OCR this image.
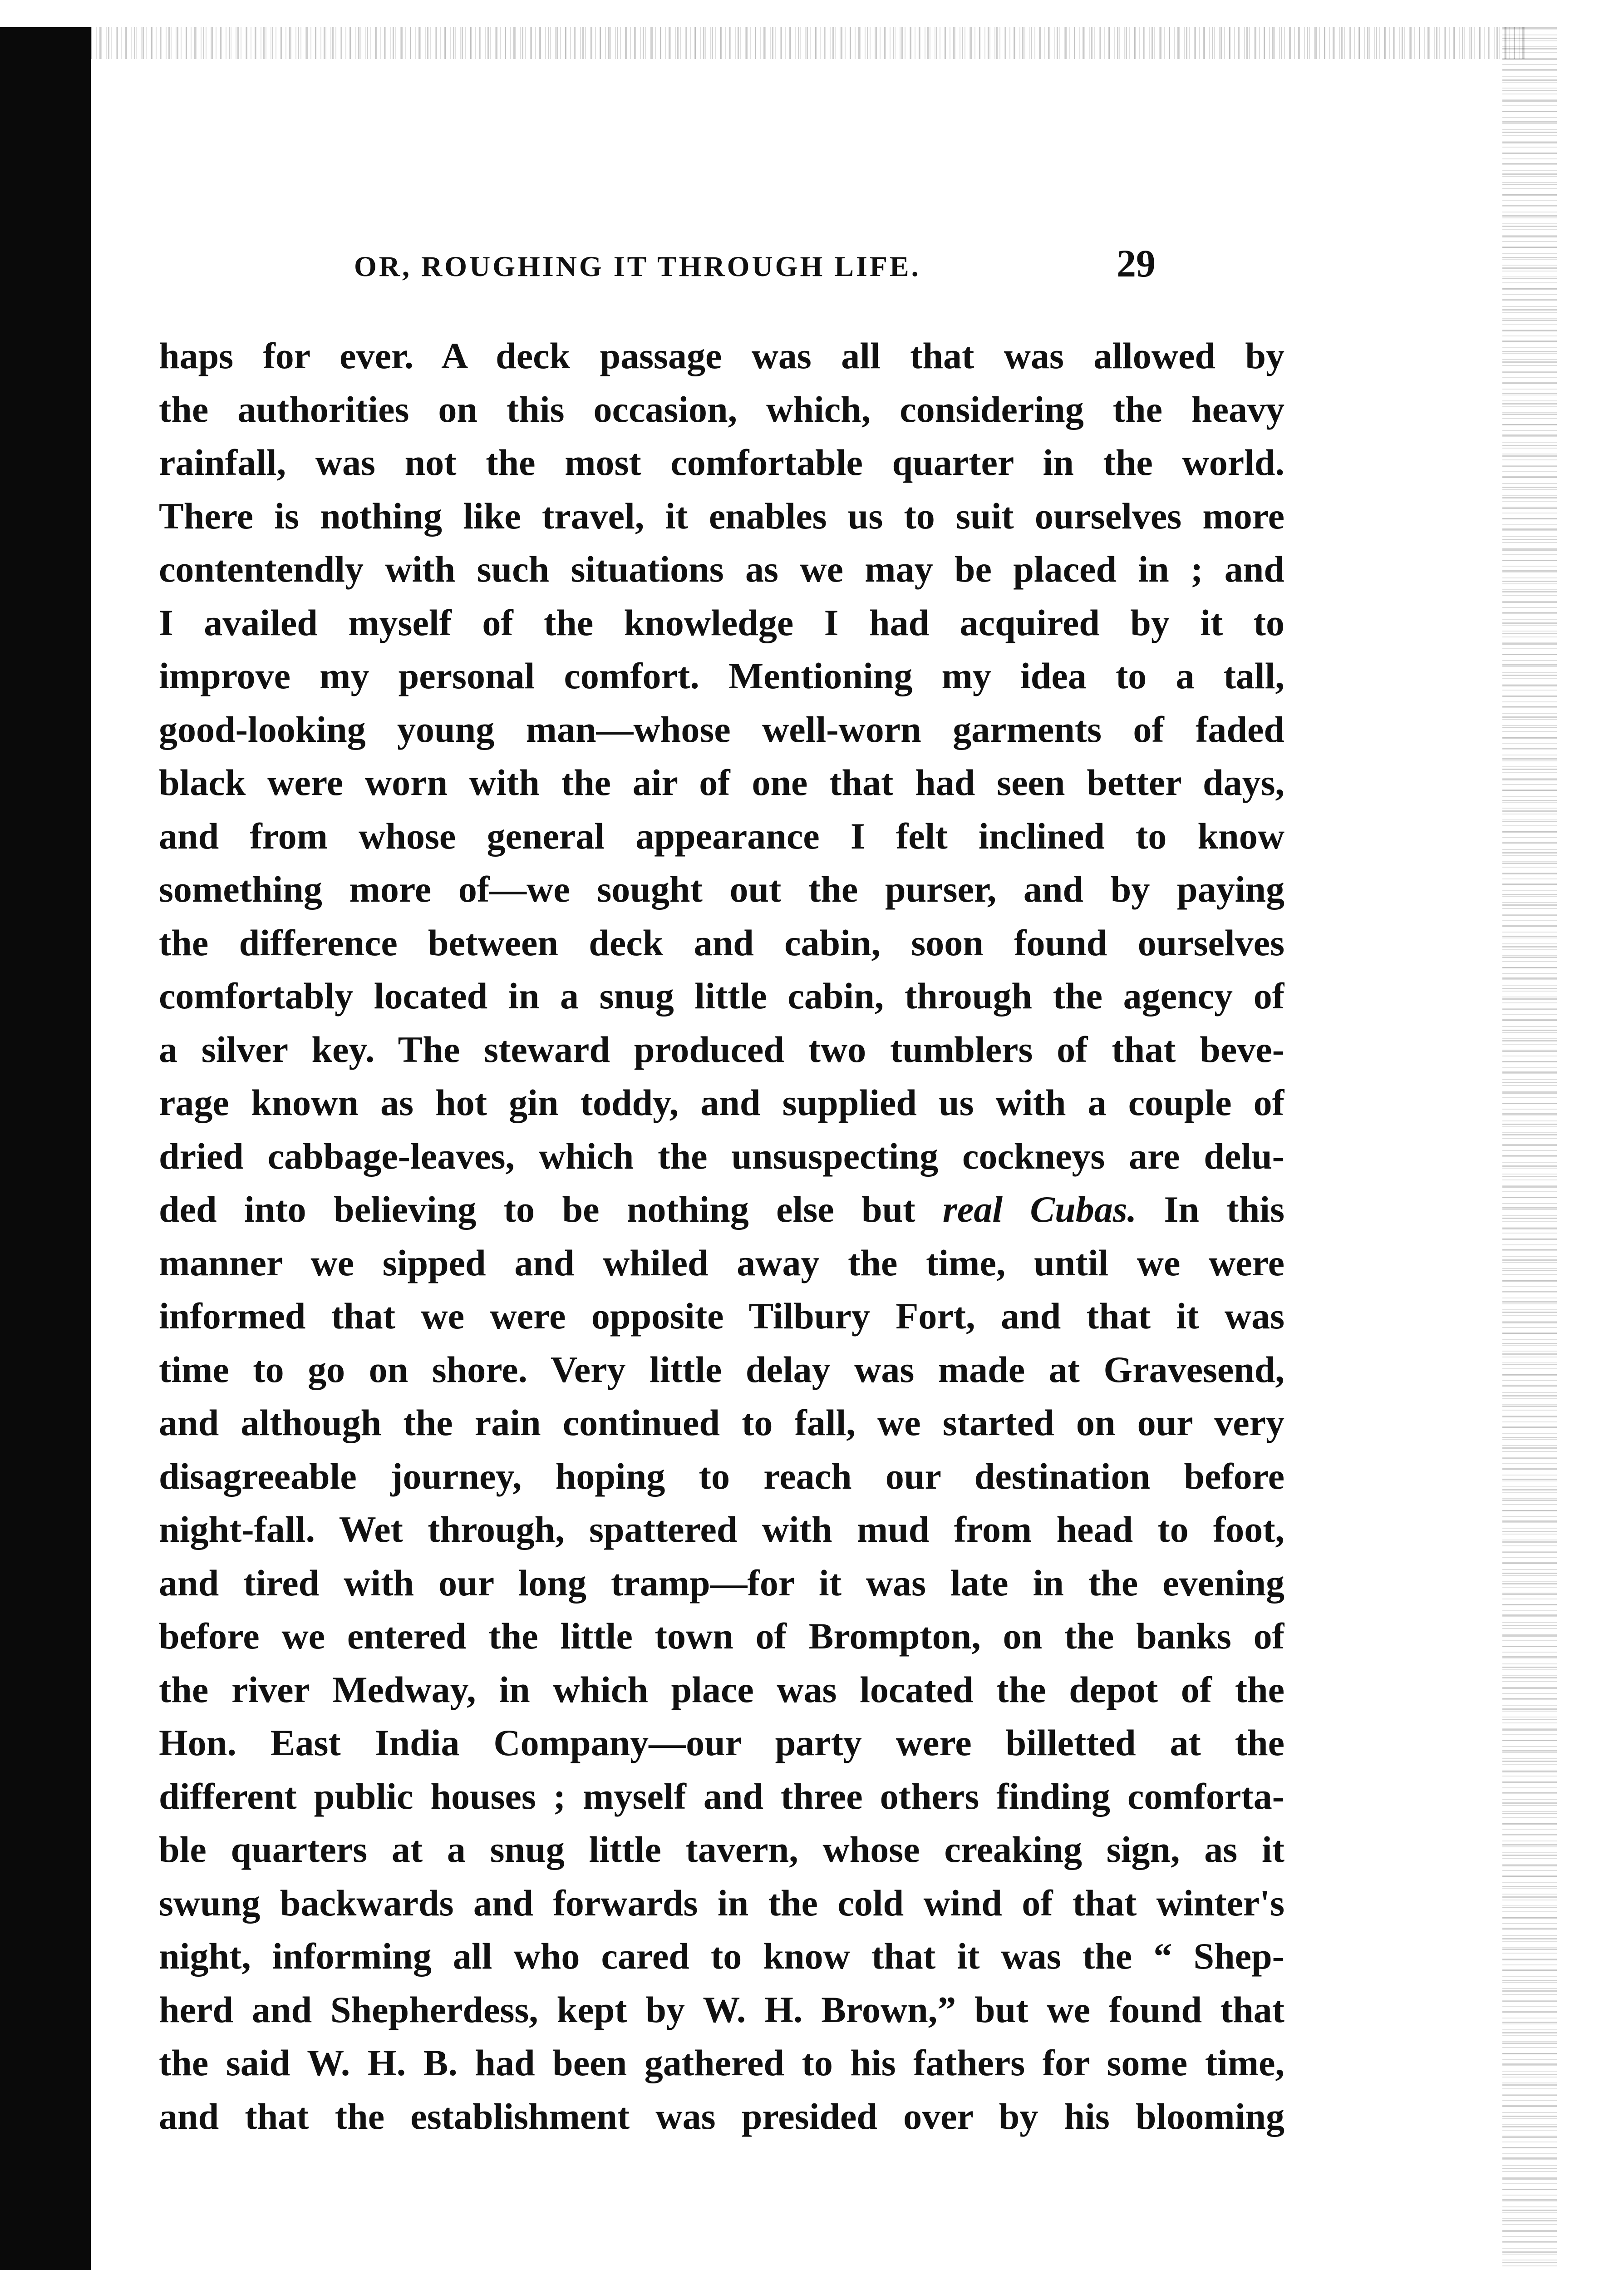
OR, ROUGHING IT THROUGH LIFE.	29
haps for ever. A deck passage was all that was allowed by
the authorities on this occasion, which, considering the heavy
rainfall, was not the most comfortable quarter in the world.
There is nothing like travel, it enables us to suit ourselves more
contentendly with such situations as we may be placed in ; and
I availed myself of the knowledge I had acquired by it to
improve my personal comfort. Mentioning my idea to a tall,
good-looking young man—whose well-worn garments of faded
black were worn with the air of one that had seen better days,
and from whose general appearance I felt inclined to know
something more of—we sought out the purser, and by paying
the difference between deck and cabin, soon found ourselves
comfortably located in a snug little cabin, through the agency of
a silver key. The steward produced two tumblers of that beve-
rage known as hot gin toddy, and supplied us with a couple of
dried cabbage-leaves, which the unsuspecting cockneys are delu-
ded into believing to be nothing else but real Cubas. In this
manner we sipped and whiled away the time, until we were
informed that we were opposite Tilbury Fort, and that it was
time to go on shore. Very little delay was made at Gravesend,
and although the rain continued to fall, we started on our very
disagreeable journey, hoping to reach our destination before
night-fall. Wet through, spattered with mud from head to foot,
and tired with our long tramp—for it was late in the evening
before we entered the little town of Brompton, on the banks of
the river Medway, in which place was located the depot of the
Hon. East India Company—our party were billetted at the
different public houses ; myself and three others finding comforta-
ble quarters at a snug little tavern, whose creaking sign, as it
swung backwards and forwards in the cold wind of that winter's
night, informing all who cared to know that it was the “ Shep-
herd and Shepherdess, kept by W. H. Brown,” but we found that
the said W. H. B. had been gathered to his fathers for some time,
and that the establishment was presided over by his blooming
